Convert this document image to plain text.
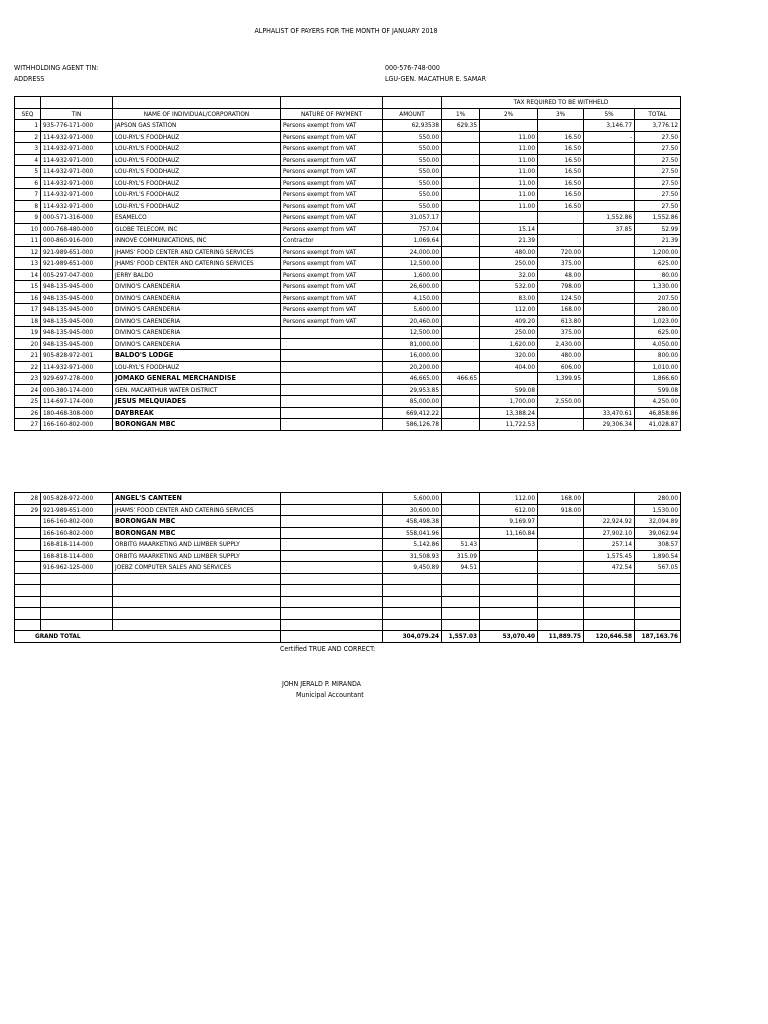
ALPHALIST OF PAYERS FOR THE MONTH OF JANUARY 2018
WITHHOLDING AGENT TIN:	000-576-748-000
ADDRESS	LGU-GEN. MACATHUR E. SAMAR
					TAX REQUIRED TO BE WITHHELD				
SEQ	TIN	NAME OF INDIVIDUAL/CORPORATION	NATURE OF PAYMENT	AMOUNT	1%	2%	3%	5%	TOTAL
1	935-776-171-000	JAPSON GAS STATION	Persons exempt from VAT	62,93538	629.35			3,146.77	3,776.12
2	114-932-971-000	LOU-RYL'S FOODHAUZ	Persons exempt from VAT	550.00		11.00	16.50	-	27.50
3	114-932-971-000	LOU-RYL'S FOODHAUZ	Persons exempt from VAT	550.00		11.00	16.50		27.50
4	114-932-971-000	LOU-RYL'S FOODHAUZ	Persons exempt from VAT	550.00		11.00	16.50		27.50
5	114-932-971-000	LOU-RYL'S FOODHAUZ	Persons exempt from VAT	550.00		11.00	16.50		27.50
6	114-932-971-000	LOU-RYL'S FOODHAUZ	Persons exempt from VAT	550.00		11.00	16.50		27.50
7	114-932-971-000	LOU-RYL'S FOODHAUZ	Persons exempt from VAT	550.00		11.00	16.50		27.50
8	114-932-971-000	LOU-RYL'S FOODHAUZ	Persons exempt from VAT	550.00		11.00	16.50		27.50
9	000-571-316-000	ESAMELCO	Persons exempt from VAT	31,057.17				1,552.86	1,552.86
10	000-768-480-000	GLOBE TELECOM, INC	Persons exempt from VAT	757.04		15.14		37.85	52.99
11	000-860-916-000	INNOVE COMMUNICATIONS, INC	Contractor	1,069.64		21.39			21.39
12	921-989-651-000	JHAMS' FOOD CENTER AND CATERING SERVICES	Persons exempt from VAT	24,000.00		480.00	720.00		1,200.00
13	921-989-651-000	JHAMS' FOOD CENTER AND CATERING SERVICES	Persons exempt from VAT	12,500.00		250.00	375.00		625.00
14	005-297-047-000	JERRY BALDO	Persons exempt from VAT	1,600.00		32.00	48.00		80.00
15	948-135-945-000	DIVINO'S CARENDERIA	Persons exempt from VAT	26,600.00		532.00	798.00		1,330.00
16	948-135-945-000	DIVINO'S CARENDERIA	Persons exempt from VAT	4,150.00		83.00	124.50		207.50
17	948-135-945-000	DIVINO'S CARENDERIA	Persons exempt from VAT	5,600.00		112.00	168.00		280.00
18	948-135-945-000	DIVINO'S CARENDERIA	Persons exempt from VAT	20,460.00		409.20	613.80		1,023.00
19	948-135-945-000	DIVINO'S CARENDERIA		12,500.00		250.00	375.00		625.00
20	948-135-945-000	DIVINO'S CARENDERIA		81,000.00		1,620.00	2,430.00		4,050.00
21	905-828-972-001	BALDO'S LODGE		16,000.00		320.00	480.00		800.00
22	114-932-971-000	LOU-RYL'S FOODHAUZ		20,200.00		404.00	606.00		1,010.00
23	929-697-278-000	JOMAKO GENERAL MERCHANDISE		46,665.00	466.65		1,399.95		1,866.60
24	000-380-174-000	GEN. MACARTHUR WATER DISTRICT		29,953.85		599.08			599.08
25	114-697-174-000	JESUS MELQUIADES		85,000.00		1,700.00	2,550.00		4,250.00
26	180-468-308-000	DAYBREAK		669,412.22		13,388.24		33,470.61	46,858.86
27	166-160-802-000	BORONGAN MBC		586,126.78		11,722.53		29,306.34	41,028.87
28	905-828-972-000	ANGEL'S CANTEEN		5,600.00		112.00	168.00		280.00
29	921-989-651-000	JHAMS' FOOD CENTER AND CATERING SERVICES		30,600.00		612.00	918.00		1,530.00
	166-160-802-000	BORONGAN MBC		458,498.38		9,169.97		22,924.92	32,094.89
	166-160-802-000	BORONGAN MBC		558,041.96		11,160.84		27,902.10	39,062.94
	168-818-114-000	ORBITG MAARKETING AND LUMBER SUPPLY		5,142.86	51.43			257.14	308.57
	168-818-114-000	ORBITG MAARKETING AND LUMBER SUPPLY		31,508.93	315.09			1,575.45	1,890.54
	916-962-125-000	JOEBZ COMPUTER SALES AND SERVICES		9,450.89	94.51			472.54	567.05

GRAND TOTAL				304,079.24	1,557.03	53,070.40	11,889.75	120,646.58	187,163.76
Certified TRUE AND CORRECT:
JOHN JERALD P. MIRANDA
Municipal Accountant
